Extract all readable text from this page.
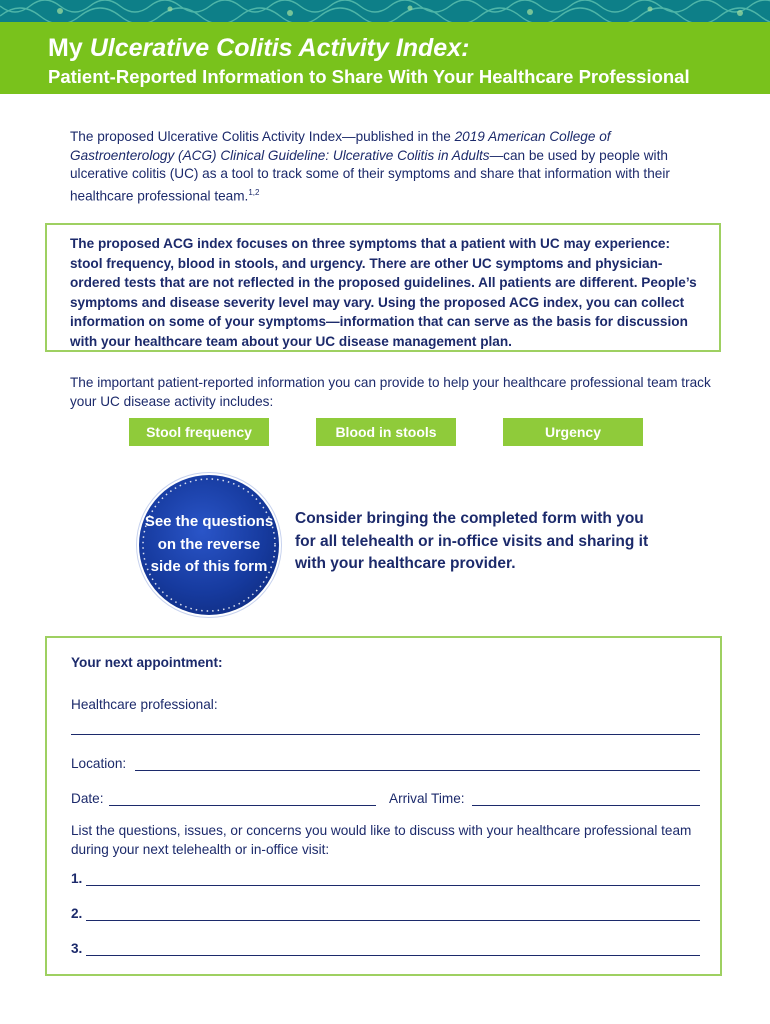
My Ulcerative Colitis Activity Index:
Patient-Reported Information to Share With Your Healthcare Professional
The proposed Ulcerative Colitis Activity Index—published in the 2019 American College of Gastroenterology (ACG) Clinical Guideline: Ulcerative Colitis in Adults—can be used by people with ulcerative colitis (UC) as a tool to track some of their symptoms and share that information with their healthcare professional team.$^{1,2}$

The proposed ACG index focuses on three symptoms that a patient with UC may experience: stool frequency, blood in stools, and urgency. There are other UC symptoms and physician-ordered tests that are not reflected in the proposed guidelines. All patients are different. People’s symptoms and disease severity level may vary. Using the proposed ACG index, you can collect information on some of your symptoms—information that can serve as the basis for discussion with your healthcare team about your UC disease management plan.

The important patient-reported information you can provide to help your healthcare professional team track your UC disease activity includes:
Stool frequency	Blood in stools	Urgency
See the questions on the reverse side of this form
Consider bringing the completed form with you for all telehealth or in-office visits and sharing it with your healthcare provider.
Your next appointment:
Healthcare professional:
Location:
Date:	Arrival Time:
List the questions, issues, or concerns you would like to discuss with your healthcare professional team during your next telehealth or in-office visit:
1.
2.
3.
